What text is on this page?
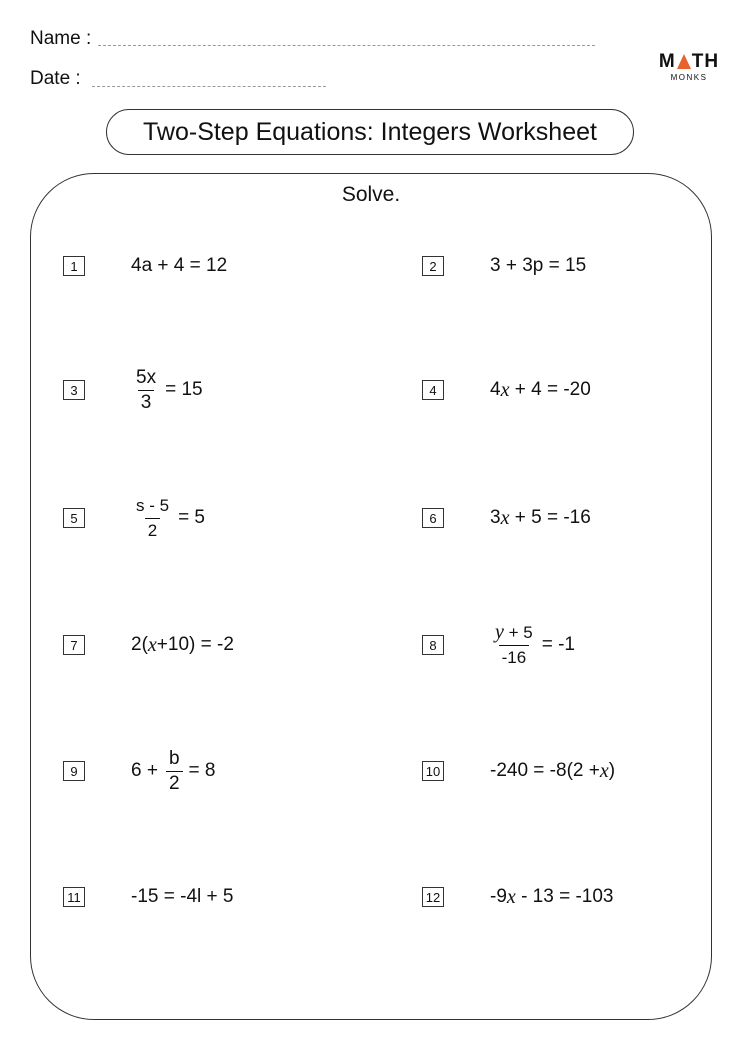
Name :
Date :
M TH
MONKS
Two-Step Equations: Integers Worksheet
Solve.
1	4a + 4 = 12	2	3 + 3p = 15
3	$\frac{5x}{3} = 15$	4	4 x
+ 4 = -20
5	$\frac{s - 5}{2} = 5$	6	3 x
+ 5 = -16
7	2( x +10) = -2	8	$\frac{y + 5}{-16} = -1$
9	$6 + \frac{b}{2} = 8$	10	-240 = -8(2 + x )
11	-15 = -4l + 5	12	-9 x
- 13 = -103
